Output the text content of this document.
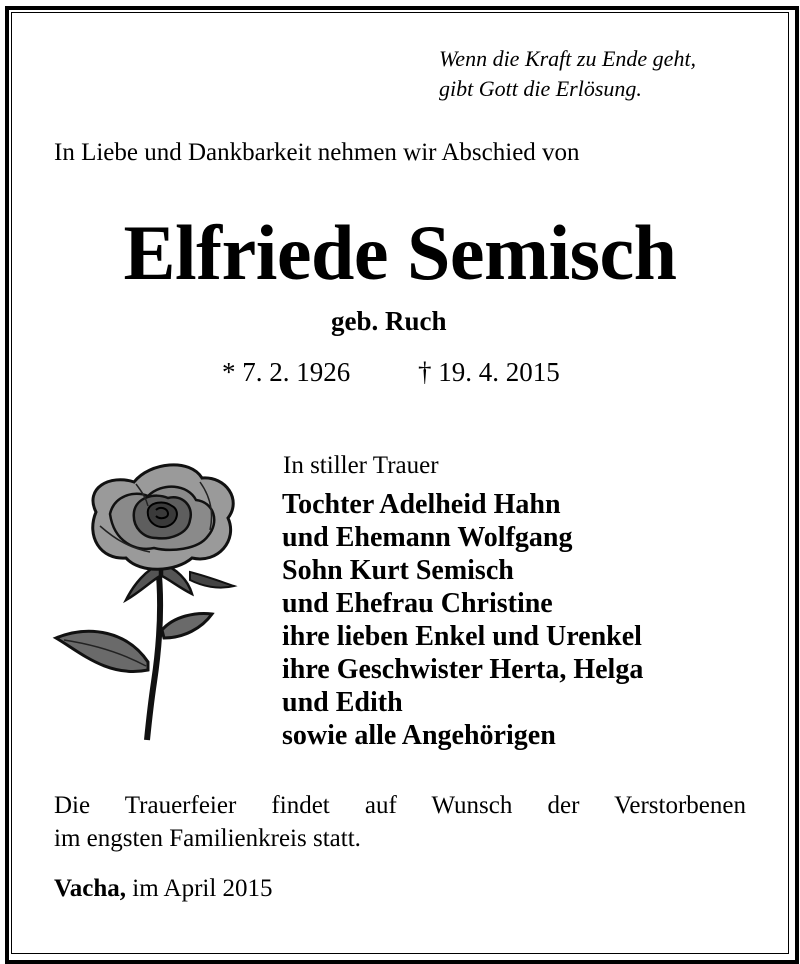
Wenn die Kraft zu Ende geht,
gibt Gott die Erlösung.
In Liebe und Dankbarkeit nehmen wir Abschied von
Elfriede Semisch
geb. Ruch
* 7. 2. 1926	† 19. 4. 2015
In stiller Trauer
Tochter Adelheid Hahn
und Ehemann Wolfgang
Sohn Kurt Semisch
und Ehefrau Christine
ihre lieben Enkel und Urenkel
ihre Geschwister Herta, Helga
und Edith
sowie alle Angehörigen
Die Trauerfeier findet auf Wunsch der Verstorbenen
im engsten Familienkreis statt.
Vacha, im April 2015
